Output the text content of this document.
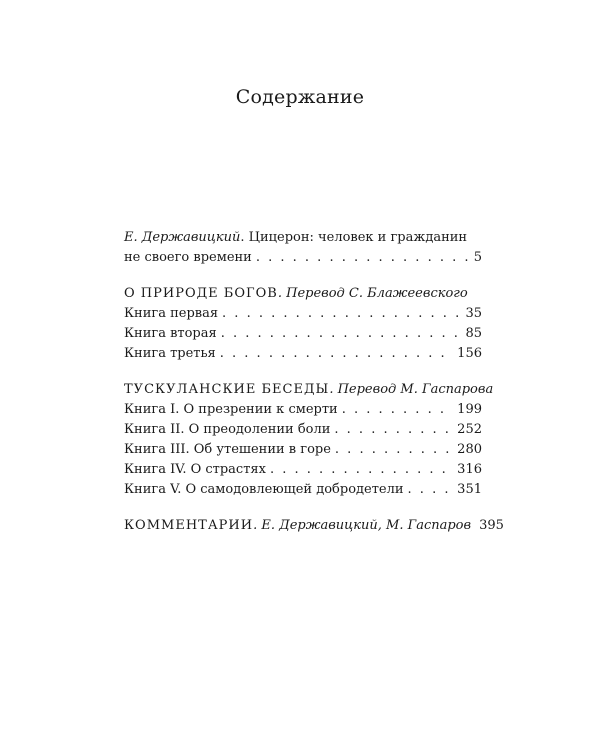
Содержание
Е. Державицкий. Цицерон: человек и гражданин
не своего времени . . .	5
О ПРИРОДЕ БОГОВ. Перевод С. Блажеевского
Книга первая . . .	35
Книга вторая . . .	85
Книга третья . . .	156
ТУСКУЛАНСКИЕ БЕСЕДЫ. Перевод М. Гаспарова
Книга I. О презрении к смерти . . .	199
Книга II. О преодолении боли . . .	252
Книга III. Об утешении в горе . . .	280
Книга IV. О страстях . . .	316
Книга V. О самодовлеющей добродетели . . .	351
КОММЕНТАРИИ. Е. Державицкий, М. Гаспаров 395
